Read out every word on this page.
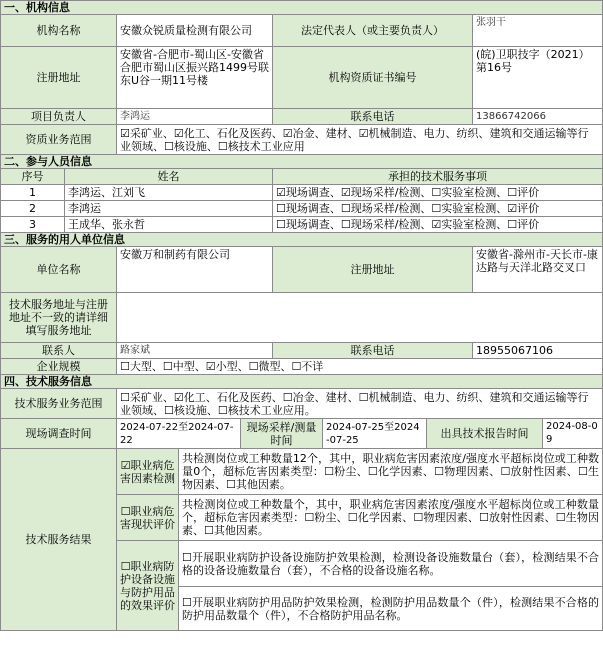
一、机构信息									
机构名称		安徽众锐质量检测有限公司			法定代表人（或主要负责人）			张羽干	
注册地址		安徽省-合肥市-蜀山区-安徽省合肥市蜀山区振兴路1499号联东U谷一期11号楼			机构资质证书编号			(皖)卫职技字（2021）第16号	
项目负责人		李鸿运			联系电话			13866742066	
资质业务范围		☑采矿业、☑化工、石化及医药、☑冶金、建材、☑机械制造、电力、纺织、建筑和交通运输等行业领域、☐核设施、☐核技术工业应用							
二、参与人员信息									
序号	姓名				承担的技术服务事项				
1	李鸿运、江刘飞				☑现场调查、☑现场采样/检测、☐实验室检测、☐评价				
2	李鸿运				☐现场调查、☐现场采样/检测、☐实验室检测、☑评价				
3	王成华、张永哲				☐现场调查、☐现场采样/检测、☑实验室检测、☐评价				
三、服务的用人单位信息									
单位名称		安徽万和制药有限公司			注册地址			安徽省-滁州市-天长市-康达路与天洋北路交叉口	
技术服务地址与注册地址不一致的请详细填写服务地址									
联系人		路家斌			联系电话			18955067106	
企业规模		☐大型、☐中型、☑小型、☐微型、☐不详							
四、技术服务信息									
技术服务业务范围		☐采矿业、☑化工、石化及医药、☐冶金、建材、☐机械制造、电力、纺织、建筑和交通运输等行业领域、☐核设施、☐核技术工业应用。							
现场调查时间		2024-07-22至2024-07-22		现场采样/测量时间		2024-07-25至2024-07-25	出具技术报告时间		2024-08-09
技术服务结果		☑职业病危害因素检测	共检测岗位或工种数量12个，其中，职业病危害因素浓度/强度水平超标岗位或工种数量0个，超标危害因素类型：☐粉尘、☐化学因素、☐物理因素、☐放射性因素、☐生物因素、☐其他因素。						
		☐职业病危害现状评价	共检测岗位或工种数量个，其中，职业病危害因素浓度/强度水平超标岗位或工种数量个，超标危害因素类型：☐粉尘、☐化学因素、☐物理因素、☐放射性因素、☐生物因素、☐其他因素。						
		☐职业病防护设备设施与防护用品的效果评价	☐开展职业病防护设备设施防护效果检测，检测设备设施数量台（套），检测结果不合格的设备设施数量台（套），不合格的设备设施名称。						
			☐开展职业病防护用品防护效果检测，检测防护用品数量个（件），检测结果不合格的防护用品数量个（件），不合格防护用品名称。						
